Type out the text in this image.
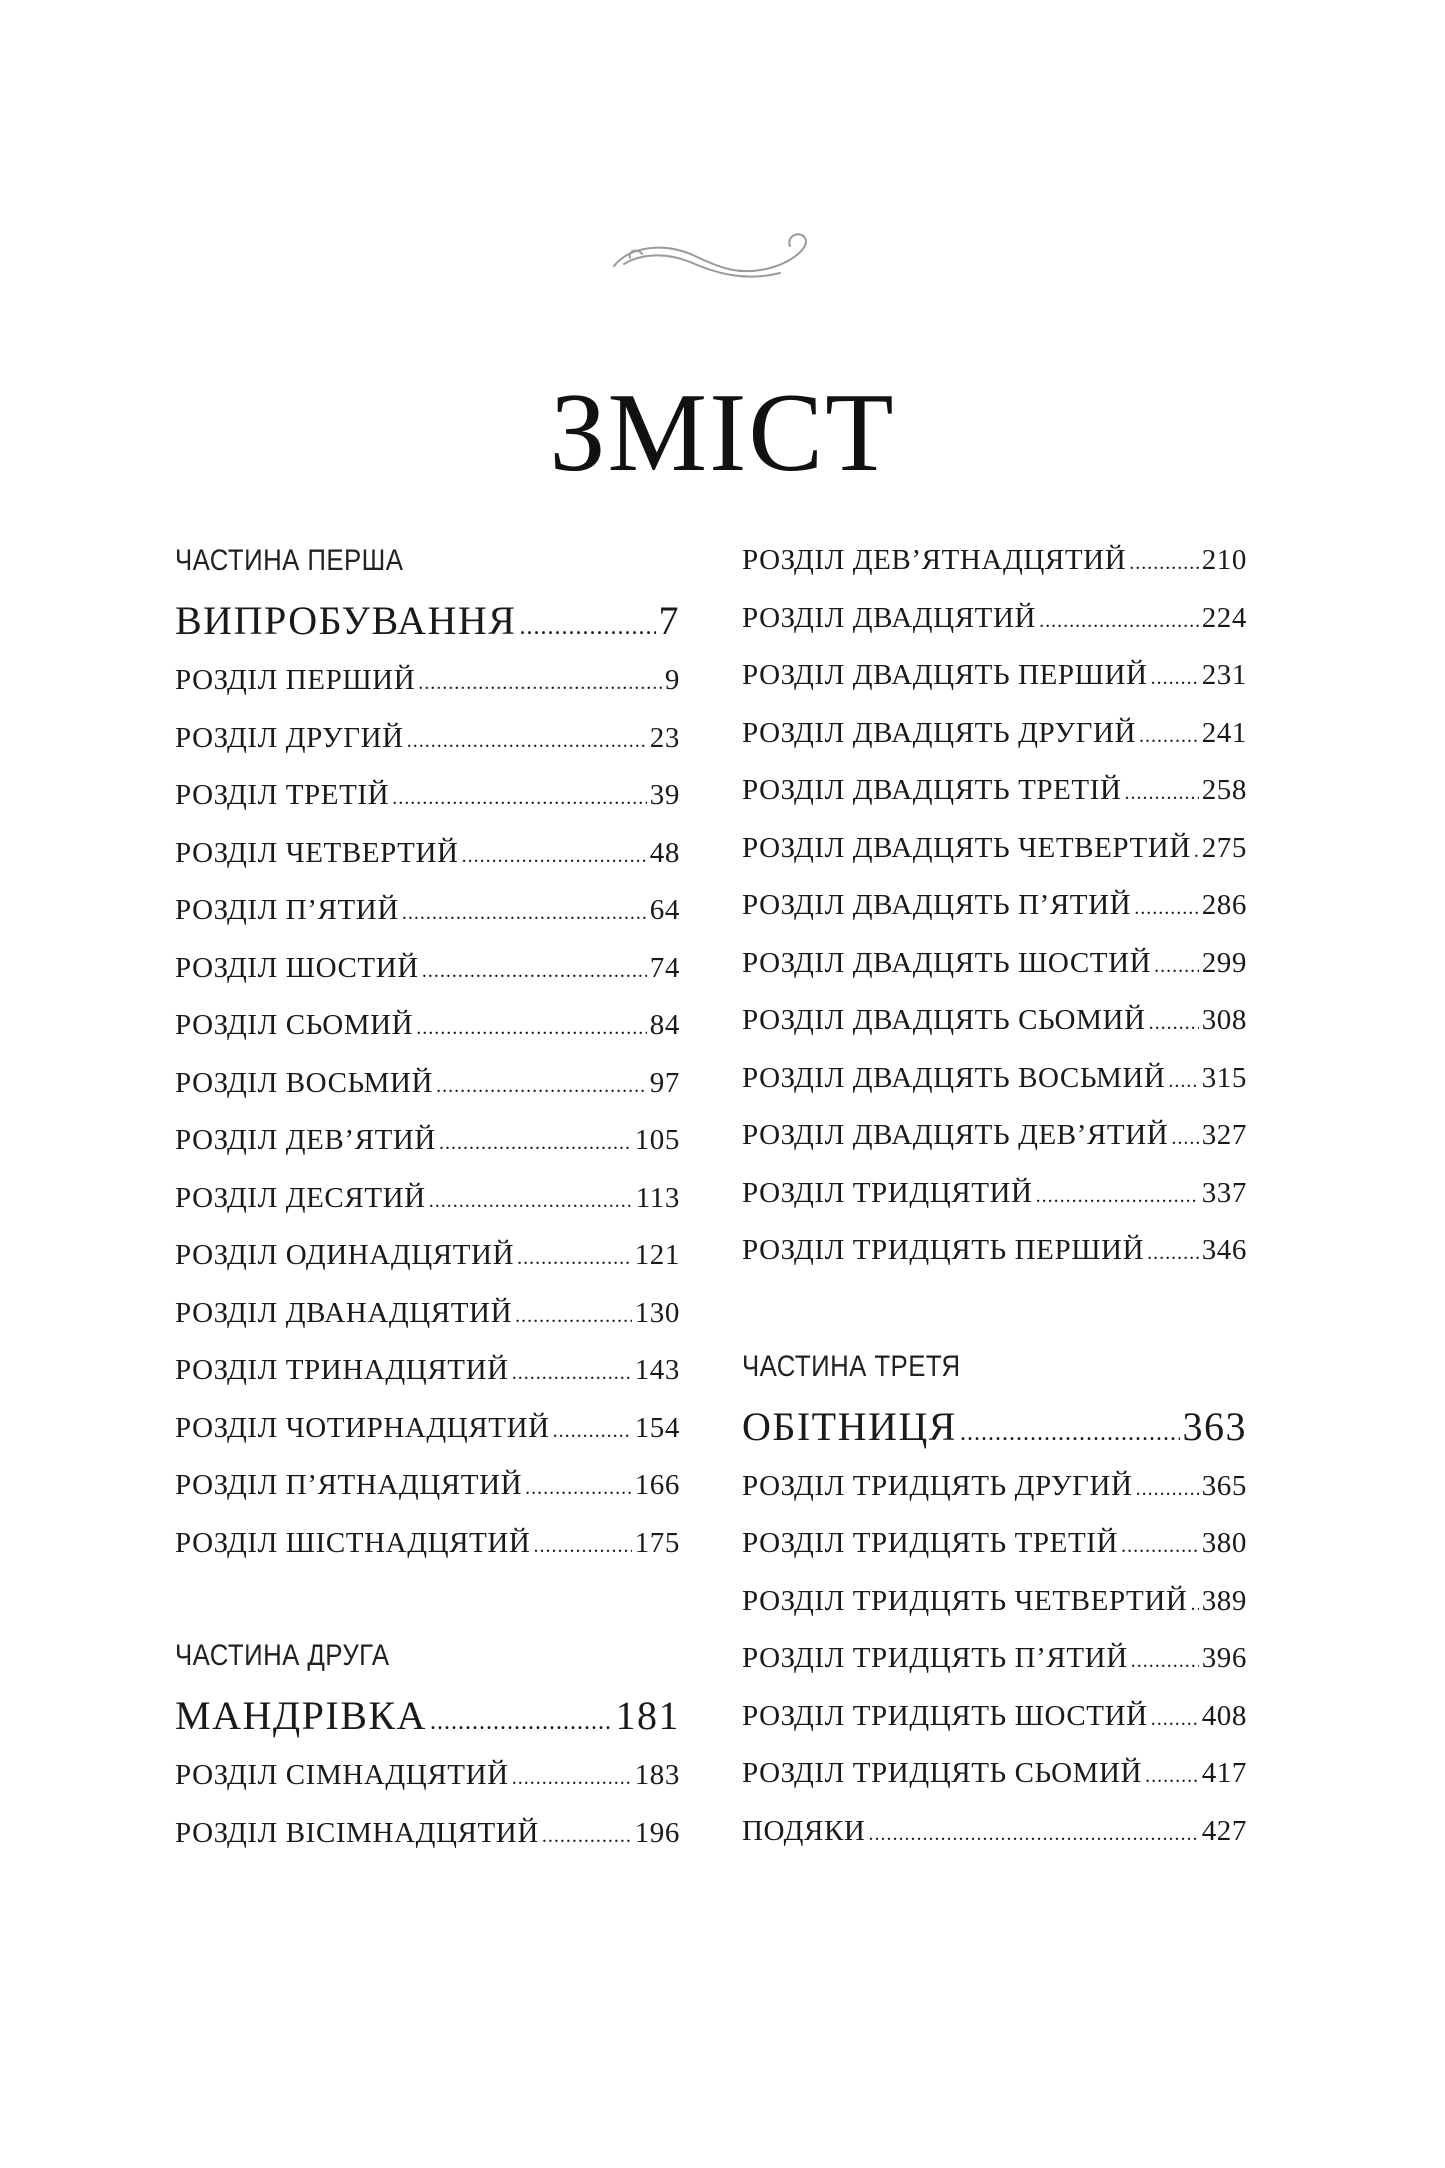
ЗМІСТ
ЧАСТИНА ПЕРША
ВИПРОБУВАННЯ .....	7
РОЗДІЛ ПЕРШИЙ .....	9
РОЗДІЛ ДРУГИЙ .....	23
РОЗДІЛ ТРЕТІЙ .....	39
РОЗДІЛ ЧЕТВЕРТИЙ .....	48
РОЗДІЛ П’ЯТИЙ .....	64
РОЗДІЛ ШОСТИЙ .....	74
РОЗДІЛ СЬОМИЙ .....	84
РОЗДІЛ ВОСЬМИЙ .....	97
РОЗДІЛ ДЕВ’ЯТИЙ .....	105
РОЗДІЛ ДЕСЯТИЙ .....	113
РОЗДІЛ ОДИНАДЦЯТИЙ .....	121
РОЗДІЛ ДВАНАДЦЯТИЙ .....	130
РОЗДІЛ ТРИНАДЦЯТИЙ .....	143
РОЗДІЛ ЧОТИРНАДЦЯТИЙ .....	154
РОЗДІЛ П’ЯТНАДЦЯТИЙ .....	166
РОЗДІЛ ШІСТНАДЦЯТИЙ .....	175
ЧАСТИНА ДРУГА
МАНДРІВКА .....	181
РОЗДІЛ СІМНАДЦЯТИЙ .....	183
РОЗДІЛ ВІСІМНАДЦЯТИЙ .....	196
РОЗДІЛ ДЕВ’ЯТНАДЦЯТИЙ .....	210
РОЗДІЛ ДВАДЦЯТИЙ .....	224
РОЗДІЛ ДВАДЦЯТЬ ПЕРШИЙ ..... 231
РОЗДІЛ ДВАДЦЯТЬ ДРУГИЙ ..... 241
РОЗДІЛ ДВАДЦЯТЬ ТРЕТІЙ .....	258
РОЗДІЛ ДВАДЦЯТЬ ЧЕТВЕРТИЙ ..... 275
РОЗДІЛ ДВАДЦЯТЬ П’ЯТИЙ ..... 286
РОЗДІЛ ДВАДЦЯТЬ ШОСТИЙ ..... 299
РОЗДІЛ ДВАДЦЯТЬ СЬОМИЙ ..... 308
РОЗДІЛ ДВАДЦЯТЬ ВОСЬМИЙ ..... 315
РОЗДІЛ ДВАДЦЯТЬ ДЕВ’ЯТИЙ ..... 327
РОЗДІЛ ТРИДЦЯТИЙ .....	337
РОЗДІЛ ТРИДЦЯТЬ ПЕРШИЙ ..... 346
ЧАСТИНА ТРЕТЯ
ОБІТНИЦЯ .....	363
РОЗДІЛ ТРИДЦЯТЬ ДРУГИЙ ..... 365
РОЗДІЛ ТРИДЦЯТЬ ТРЕТІЙ .....	380
РОЗДІЛ ТРИДЦЯТЬ ЧЕТВЕРТИЙ ..... 389
РОЗДІЛ ТРИДЦЯТЬ П’ЯТИЙ .....	396
РОЗДІЛ ТРИДЦЯТЬ ШОСТИЙ ..... 408
РОЗДІЛ ТРИДЦЯТЬ СЬОМИЙ ..... 417
ПОДЯКИ .....	427
